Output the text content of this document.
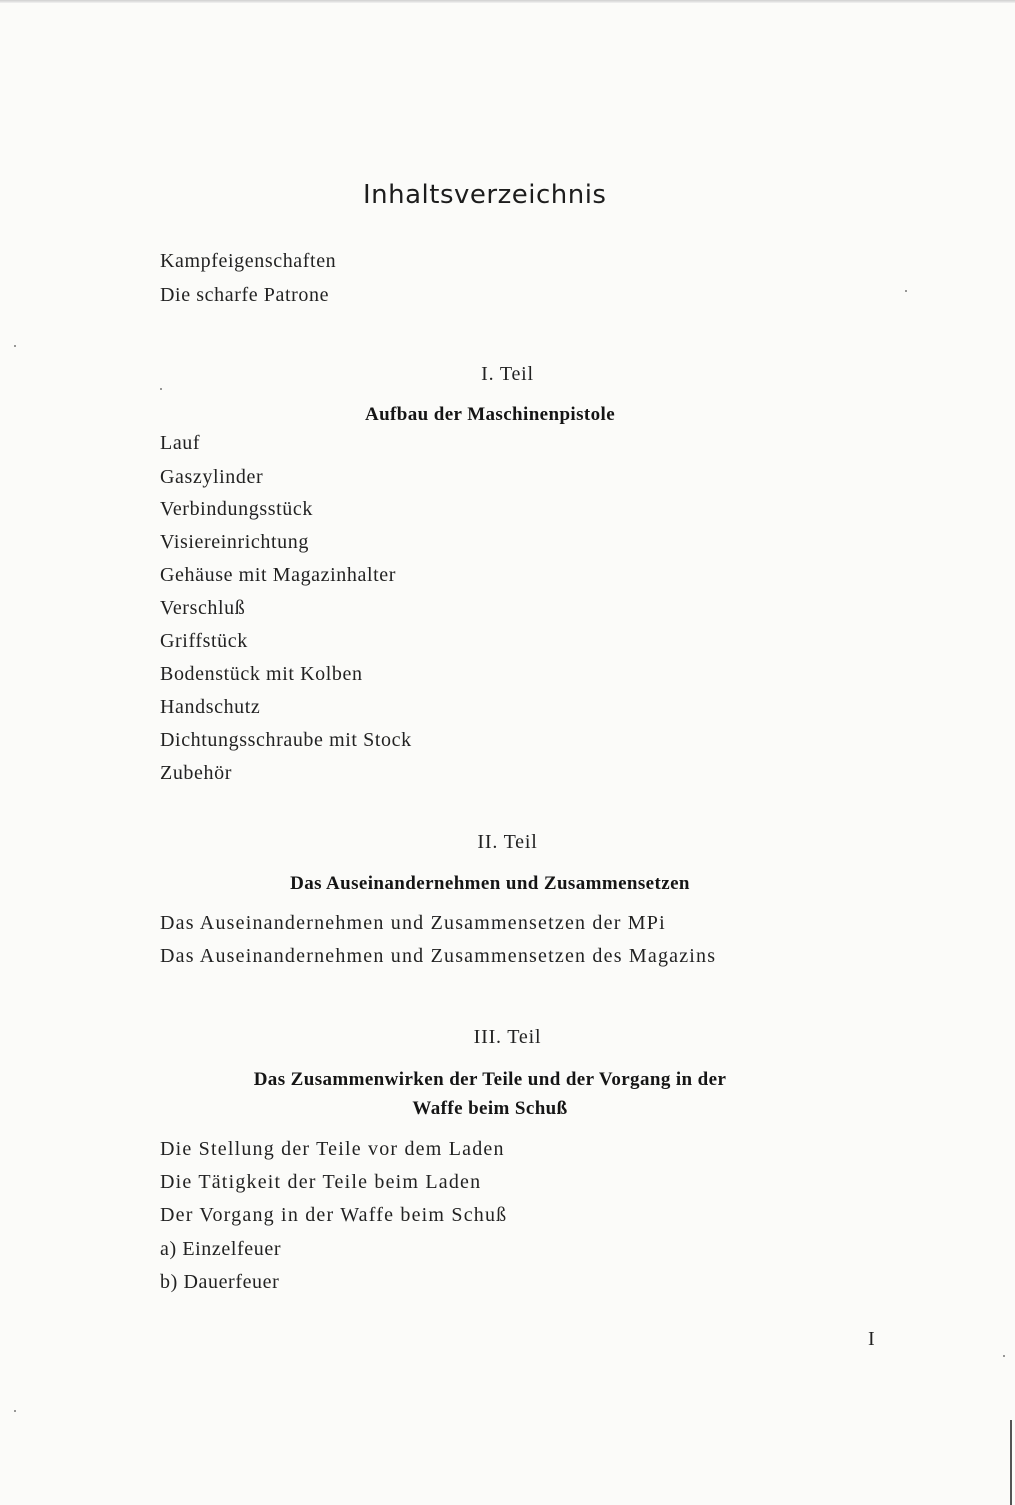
Inhaltsverzeichnis
Kampfeigenschaften
Die scharfe Patrone
I. Teil
Aufbau der Maschinenpistole
Lauf
Gaszylinder
Verbindungsstück
Visiereinrichtung
Gehäuse mit Magazinhalter
Verschluß
Griffstück
Bodenstück mit Kolben
Handschutz
Dichtungsschraube mit Stock
Zubehör
II. Teil
Das Auseinandernehmen und Zusammensetzen
Das Auseinandernehmen und Zusammensetzen der MPi
Das Auseinandernehmen und Zusammensetzen des Magazins
III. Teil
Das Zusammenwirken der Teile und der Vorgang in der
Waffe beim Schuß
Die Stellung der Teile vor dem Laden
Die Tätigkeit der Teile beim Laden
Der Vorgang in der Waffe beim Schuß
a) Einzelfeuer
b) Dauerfeuer
I
